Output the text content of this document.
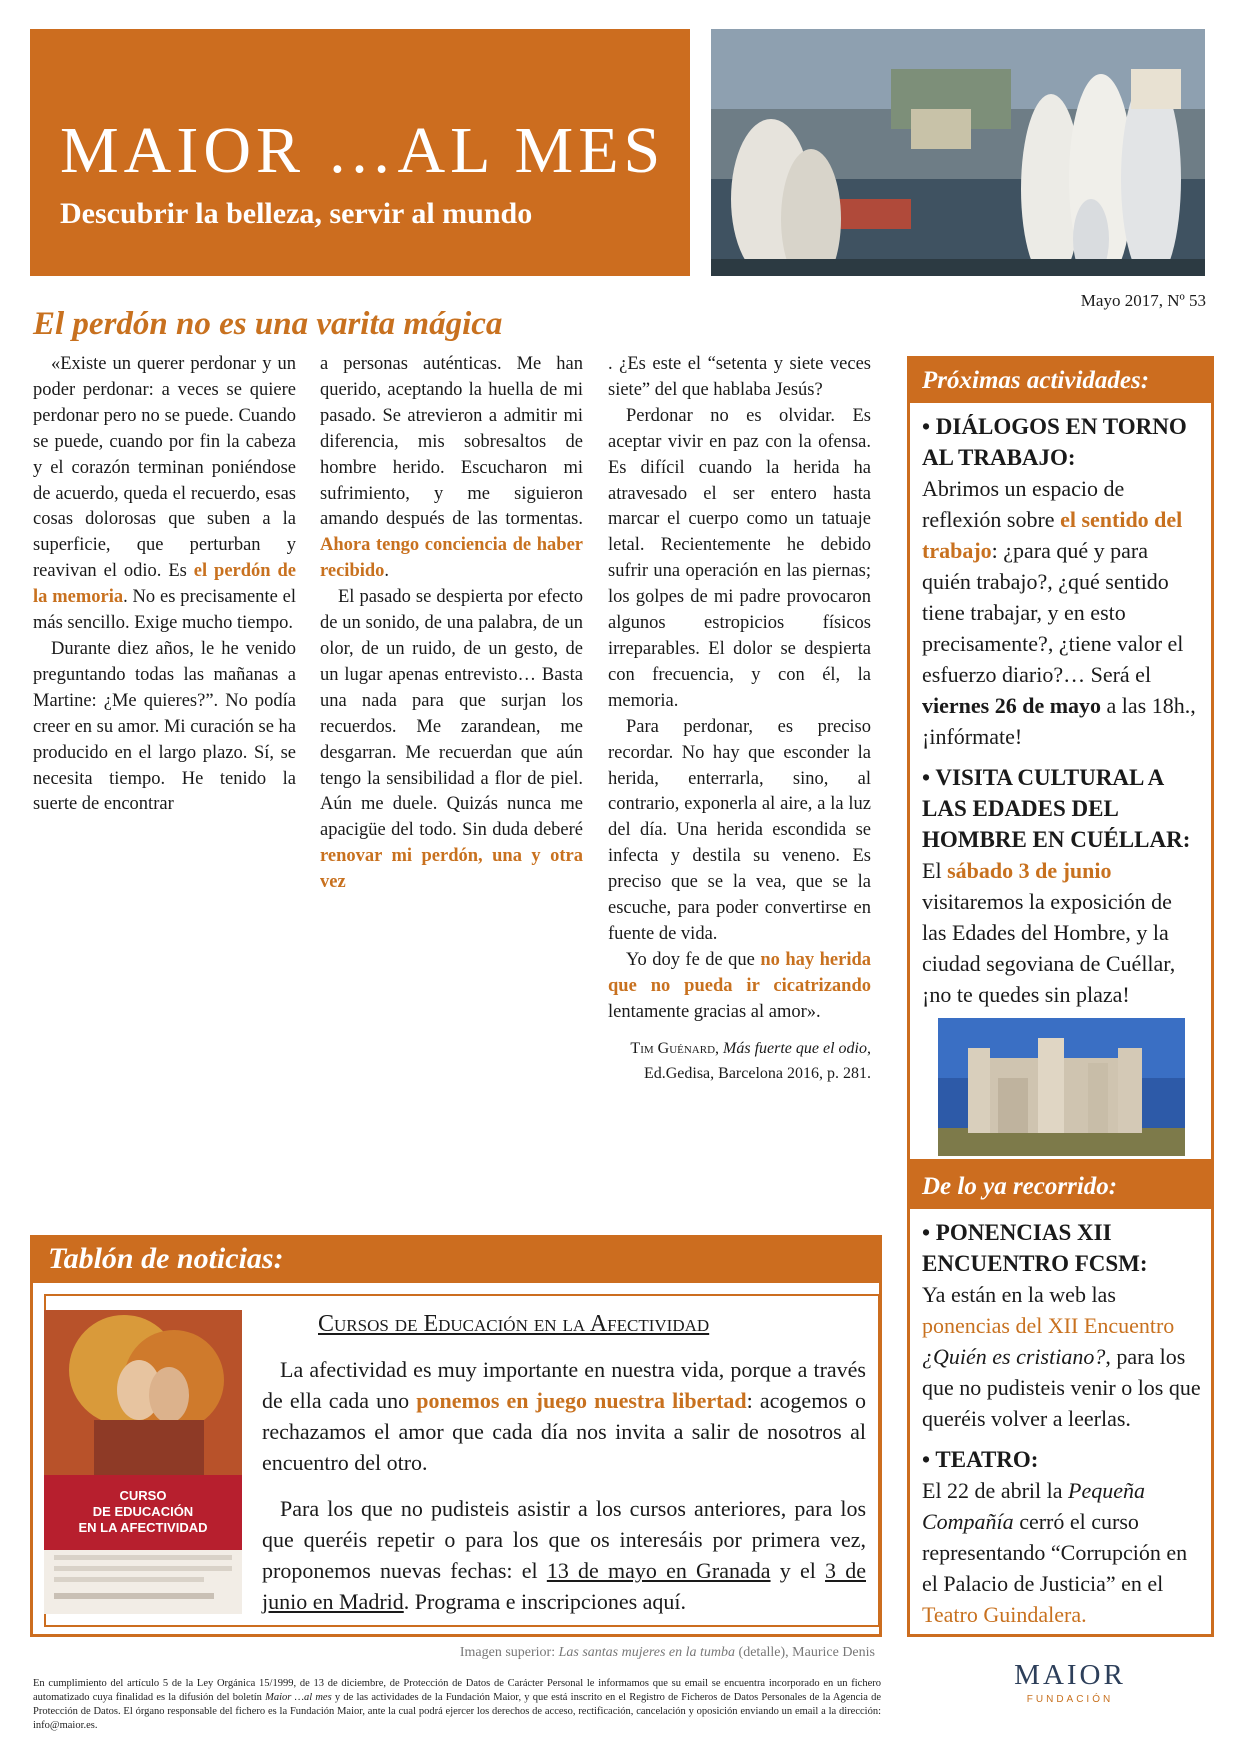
MAIOR …AL MES
Descubrir la belleza, servir al mundo
Mayo 2017, Nº 53
El perdón no es una varita mágica

«Existe un querer perdonar y un poder perdonar: a veces se quiere perdonar pero no se puede. Cuando se puede, cuando por fin la cabeza y el corazón terminan poniéndose de acuerdo, queda el recuerdo, esas cosas dolorosas que suben a la superficie, que perturban y reavivan el odio. Es el perdón de la memoria. No es precisamente el más sencillo. Exige mucho tiempo.

Durante diez años, le he venido preguntando todas las mañanas a Martine: ¿Me quieres?”. No podía creer en su amor. Mi curación se ha producido en el largo plazo. Sí, se necesita tiempo. He tenido la suerte de encontrar

a personas auténticas. Me han querido, aceptando la huella de mi pasado. Se atrevieron a admitir mi diferencia, mis sobresaltos de hombre herido. Escucharon mi sufrimiento, y me siguieron amando después de las tormentas. Ahora tengo conciencia de haber recibido.

El pasado se despierta por efecto de un sonido, de una palabra, de un olor, de un ruido, de un gesto, de un lugar apenas entrevisto… Basta una nada para que surjan los recuerdos. Me zarandean, me desgarran. Me recuerdan que aún tengo la sensibilidad a flor de piel. Aún me duele. Quizás nunca me apacigüe del todo. Sin duda deberé renovar mi perdón, una y otra vez

. ¿Es este el “setenta y siete veces siete” del que hablaba Jesús?

Perdonar no es olvidar. Es aceptar vivir en paz con la ofensa. Es difícil cuando la herida ha atravesado el ser entero hasta marcar el cuerpo como un tatuaje letal. Recientemente he debido sufrir una operación en las piernas; los golpes de mi padre provocaron algunos estropicios físicos irreparables. El dolor se despierta con frecuencia, y con él, la memoria.

Para perdonar, es preciso recordar. No hay que esconder la herida, enterrarla, sino, al contrario, exponerla al aire, a la luz del día. Una herida escondida se infecta y destila su veneno. Es preciso que se la vea, que se la escuche, para poder convertirse en fuente de vida.

Yo doy fe de que no hay herida que no pueda ir cicatrizando lentamente gracias al amor».

Tim Guénard, Más fuerte que el odio, Ed.Gedisa, Barcelona 2016, p. 281.
Próximas actividades:

• DIÁLOGOS EN TORNO AL TRABAJO:

Abrimos un espacio de reflexión sobre el sentido del trabajo: ¿para qué y para quién trabajo?, ¿qué sentido tiene trabajar, y en esto precisamente?, ¿tiene valor el esfuerzo diario?… Será el viernes 26 de mayo a las 18h., ¡infórmate!

• VISITA CULTURAL A LAS EDADES DEL HOMBRE EN CUÉLLAR:

El sábado 3 de junio visitaremos la exposición de las Edades del Hombre, y la ciudad segoviana de Cuéllar, ¡no te quedes sin plaza!

De lo ya recorrido:

• PONENCIAS XII ENCUENTRO FCSM:

Ya están en la web las ponencias del XII Encuentro ¿Quién es cristiano?, para los que no pudisteis venir o los que queréis volver a leerlas.

• TEATRO:

El 22 de abril la Pequeña Compañía cerró el curso representando “Corrupción en el Palacio de Justicia” en el Teatro Guindalera.

Tablón de noticias:
CURSO
DE EDUCACIÓN
EN LA AFECTIVIDAD
Cursos de Educación en la Afectividad

La afectividad es muy importante en nuestra vida, porque a través de ella cada uno ponemos en juego nuestra libertad: acogemos o rechazamos el amor que cada día nos invita a salir de nosotros al encuentro del otro.

Para los que no pudisteis asistir a los cursos anteriores, para los que queréis repetir o para los que os interesáis por primera vez, proponemos nuevas fechas: el 13 de mayo en Granada y el 3 de junio en Madrid. Programa e inscripciones aquí.

Imagen superior: Las santas mujeres en la tumba (detalle), Maurice Denis
En cumplimiento del artículo 5 de la Ley Orgánica 15/1999, de 13 de diciembre, de Protección de Datos de Carácter Personal le informamos que su email se encuentra incorporado en un fichero automatizado cuya finalidad es la difusión del boletín Maior …al mes y de las actividades de la Fundación Maior, y que está inscrito en el Registro de Ficheros de Datos Personales de la Agencia de Protección de Datos. El órgano responsable del fichero es la Fundación Maior, ante la cual podrá ejercer los derechos de acceso, rectificación, cancelación y oposición enviando un email a la dirección: info@maior.es.
MAIOR
FUNDACIÓN
